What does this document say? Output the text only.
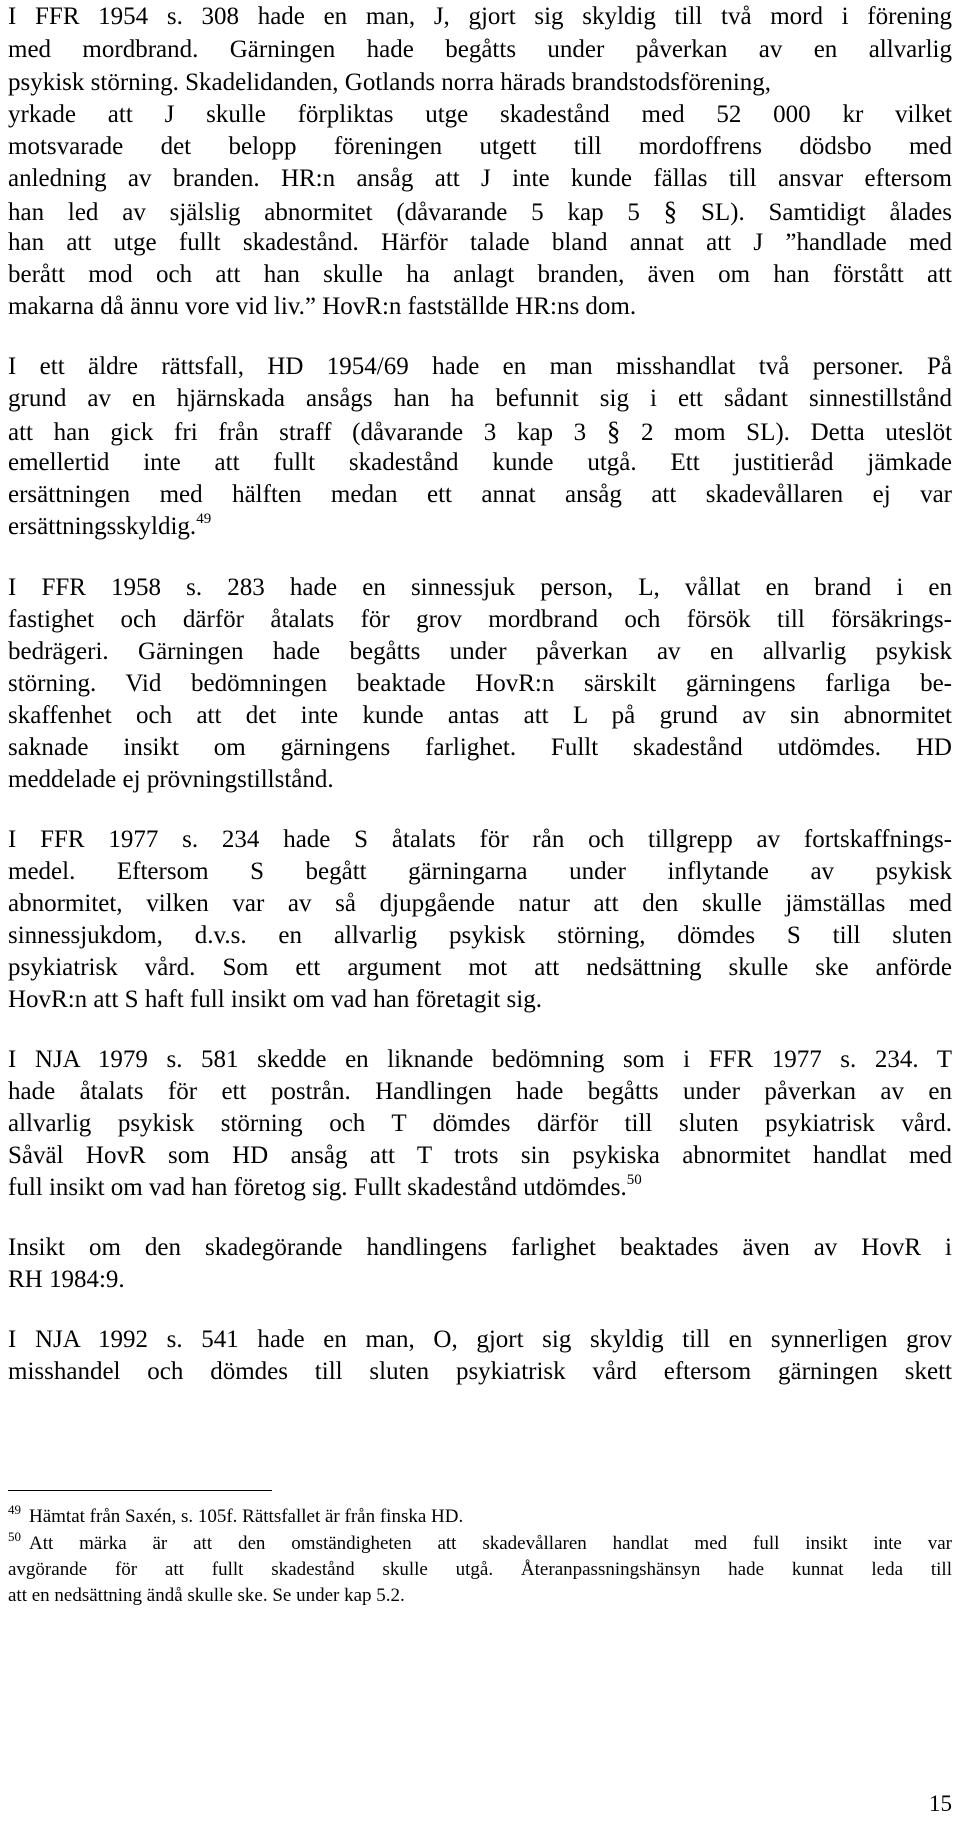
I FFR 1954 s. 308 hade en man, J, gjort sig skyldig till två mord i förening

med mordbrand. Gärningen hade begåtts under påverkan av en allvarlig

psykisk störning. Skadelidanden, Gotlands norra härads brandstodsförening,

yrkade att J skulle förpliktas utge skadestånd med 52 000 kr vilket

motsvarade det belopp föreningen utgett till mordoffrens dödsbo med

anledning av branden. HR:n ansåg att J inte kunde fällas till ansvar eftersom

han led av själslig abnormitet (dåvarande 5 kap 5 § SL). Samtidigt ålades

han att utge fullt skadestånd. Härför talade bland annat att J ”handlade med

berått mod och att han skulle ha anlagt branden, även om han förstått att

makarna då ännu vore vid liv.” HovR:n fastställde HR:ns dom.

I ett äldre rättsfall, HD 1954/69 hade en man misshandlat två personer. På

grund av en hjärnskada ansågs han ha befunnit sig i ett sådant sinnestillstånd

att han gick fri från straff (dåvarande 3 kap 3 § 2 mom SL). Detta uteslöt

emellertid inte att fullt skadestånd kunde utgå. Ett justitieråd jämkade

ersättningen med hälften medan ett annat ansåg att skadevållaren ej var

ersättningsskyldig.$^{49}$

I FFR 1958 s. 283 hade en sinnessjuk person, L, vållat en brand i en

fastighet och därför åtalats för grov mordbrand och försök till försäkrings-

bedrägeri. Gärningen hade begåtts under påverkan av en allvarlig psykisk

störning. Vid bedömningen beaktade HovR:n särskilt gärningens farliga be-

skaffenhet och att det inte kunde antas att L på grund av sin abnormitet

saknade insikt om gärningens farlighet. Fullt skadestånd utdömdes. HD

meddelade ej prövningstillstånd.

I FFR 1977 s. 234 hade S åtalats för rån och tillgrepp av fortskaffnings-

medel. Eftersom S begått gärningarna under inflytande av psykisk

abnormitet, vilken var av så djupgående natur att den skulle jämställas med

sinnessjukdom, d.v.s. en allvarlig psykisk störning, dömdes S till sluten

psykiatrisk vård. Som ett argument mot att nedsättning skulle ske anförde

HovR:n att S haft full insikt om vad han företagit sig.

I NJA 1979 s. 581 skedde en liknande bedömning som i FFR 1977 s. 234. T

hade åtalats för ett postrån. Handlingen hade begåtts under påverkan av en

allvarlig psykisk störning och T dömdes därför till sluten psykiatrisk vård.

Såväl HovR som HD ansåg att T trots sin psykiska abnormitet handlat med

full insikt om vad han företog sig. Fullt skadestånd utdömdes.$^{50}$

Insikt om den skadegörande handlingens farlighet beaktades även av HovR i

RH 1984:9.

I NJA 1992 s. 541 hade en man, O, gjort sig skyldig till en synnerligen grov

misshandel och dömdes till sluten psykiatrisk vård eftersom gärningen skett

$^{49}$ Hämtat från Saxén, s. 105f. Rättsfallet är från finska HD.

$^{50}$ Att märka är att den omständigheten att skadevållaren handlat med full insikt inte var

avgörande för att fullt skadestånd skulle utgå. Återanpassningshänsyn hade kunnat leda till

att en nedsättning ändå skulle ske. Se under kap 5.2.

15
